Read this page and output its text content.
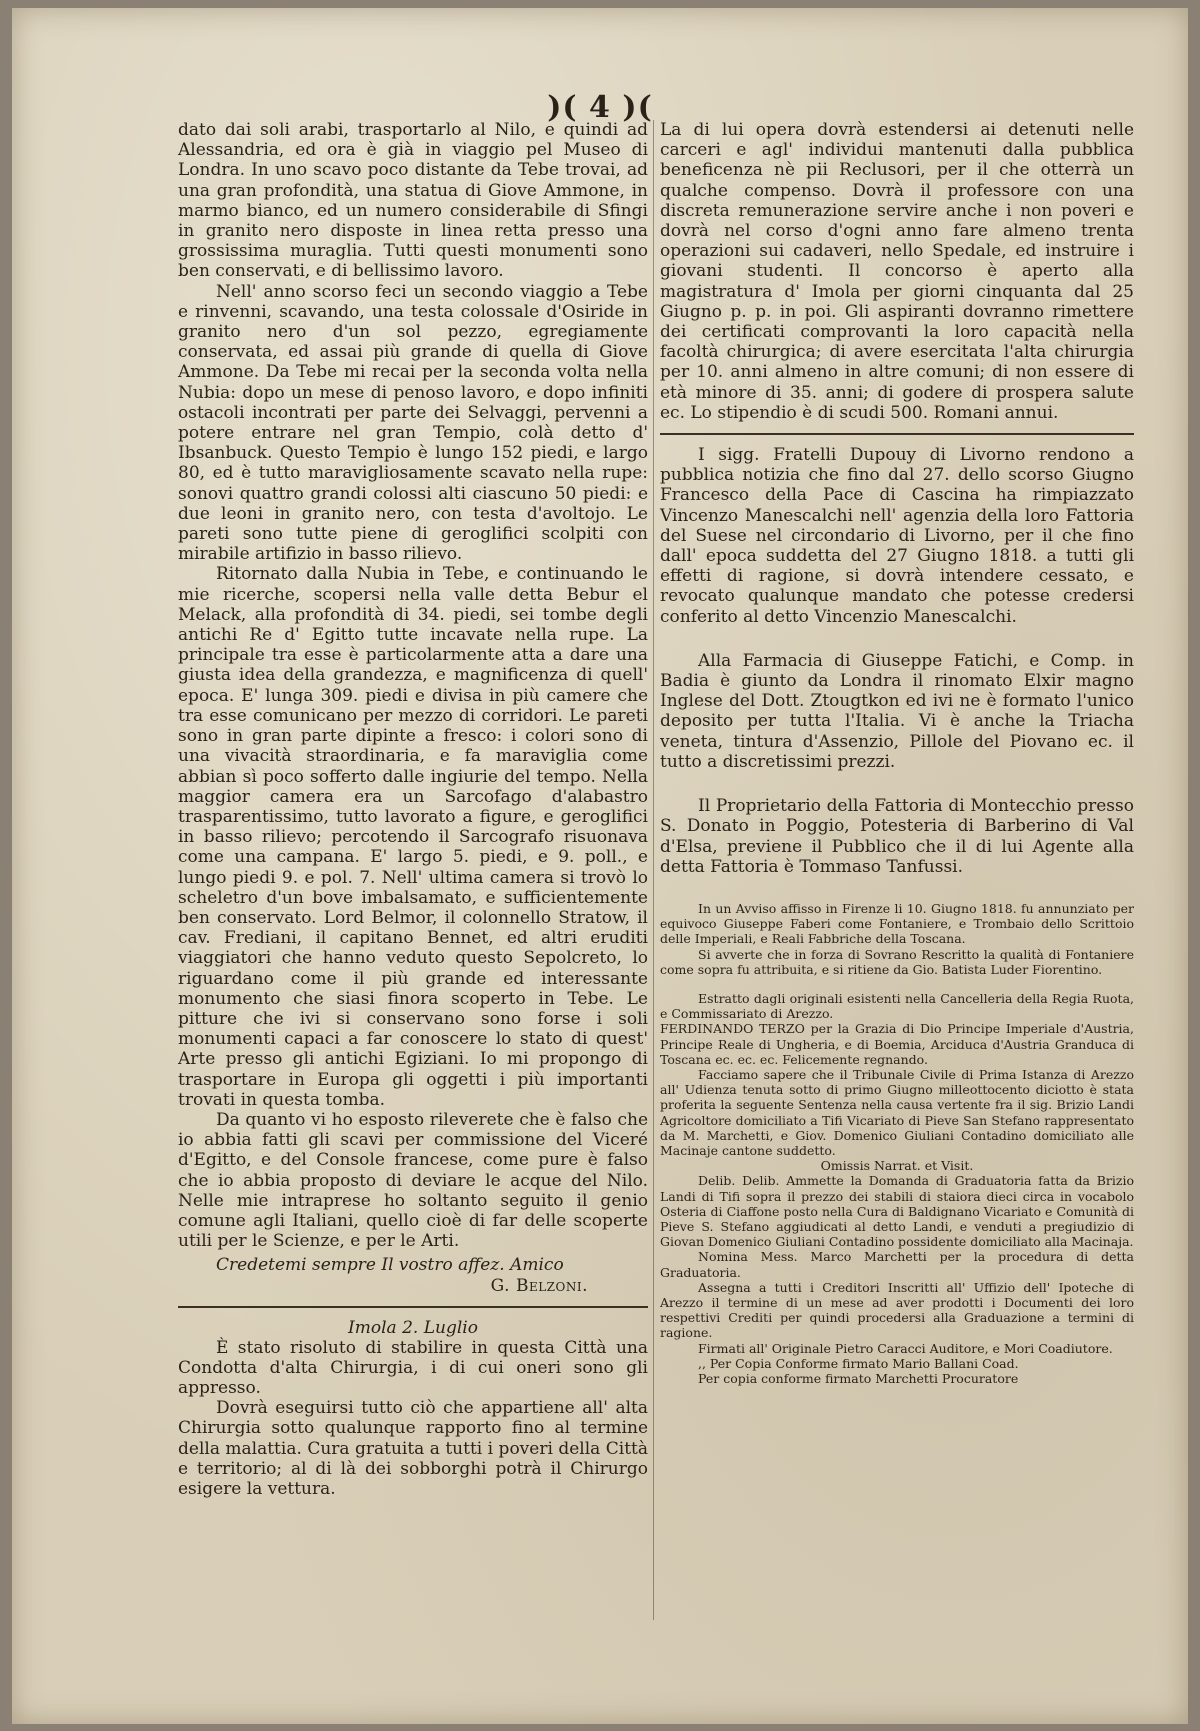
)( 4 )(

dato dai soli arabi, trasportarlo al Nilo, e quindi ad Alessandria, ed ora è già in viaggio pel Museo di Londra. In uno scavo poco distante da Tebe trovai, ad una gran profondità, una statua di Giove Ammone, in marmo bianco, ed un numero considerabile di Sfingi in granito nero disposte in linea retta presso una grossissima muraglia. Tutti questi monumenti sono ben conservati, e di bellissimo lavoro.

Nell' anno scorso feci un secondo viaggio a Tebe e rinvenni, scavando, una testa colossale d'Osiride in granito nero d'un sol pezzo, egregiamente conservata, ed assai più grande di quella di Giove Ammone. Da Tebe mi recai per la seconda volta nella Nubia: dopo un mese di penoso lavoro, e dopo infiniti ostacoli incontrati per parte dei Selvaggi, pervenni a potere entrare nel gran Tempio, colà detto d' Ibsanbuck. Questo Tempio è lungo 152 piedi, e largo 80, ed è tutto maravigliosamente scavato nella rupe: sonovi quattro grandi colossi alti ciascuno 50 piedi: e due leoni in granito nero, con testa d'avoltojo. Le pareti sono tutte piene di geroglifici scolpiti con mirabile artifizio in basso rilievo.

Ritornato dalla Nubia in Tebe, e continuando le mie ricerche, scopersi nella valle detta Bebur el Melack, alla profondità di 34. piedi, sei tombe degli antichi Re d' Egitto tutte incavate nella rupe. La principale tra esse è particolarmente atta a dare una giusta idea della grandezza, e magnificenza di quell' epoca. E' lunga 309. piedi e divisa in più camere che tra esse comunicano per mezzo di corridori. Le pareti sono in gran parte dipinte a fresco: i colori sono di una vivacità straordinaria, e fa maraviglia come abbian sì poco sofferto dalle ingiurie del tempo. Nella maggior camera era un Sarcofago d'alabastro trasparentissimo, tutto lavorato a figure, e geroglifici in basso rilievo; percotendo il Sarcografo risuonava come una campana. E' largo 5. piedi, e 9. poll., e lungo piedi 9. e pol. 7. Nell' ultima camera si trovò lo scheletro d'un bove imbalsamato, e sufficientemente ben conservato. Lord Belmor, il colonnello Stratow, il cav. Frediani, il capitano Bennet, ed altri eruditi viaggiatori che hanno veduto questo Sepolcreto, lo riguardano come il più grande ed interessante monumento che siasi finora scoperto in Tebe. Le pitture che ivi si conservano sono forse i soli monumenti capaci a far conoscere lo stato di quest' Arte presso gli antichi Egiziani. Io mi propongo di trasportare in Europa gli oggetti i più importanti trovati in questa tomba.

Da quanto vi ho esposto rileverete che è falso che io abbia fatti gli scavi per commissione del Viceré d'Egitto, e del Console francese, come pure è falso che io abbia proposto di deviare le acque del Nilo. Nelle mie intraprese ho soltanto seguito il genio comune agli Italiani, quello cioè di far delle scoperte utili per le Scienze, e per le Arti.

Credetemi sempre Il vostro affez. Amico

G. Belzoni.

Imola 2. Luglio

È stato risoluto di stabilire in questa Città una Condotta d'alta Chirurgia, i di cui oneri sono gli appresso.

Dovrà eseguirsi tutto ciò che appartiene all' alta Chirurgia sotto qualunque rapporto fino al termine della malattia. Cura gratuita a tutti i poveri della Città e territorio; al di là dei sobborghi potrà il Chirurgo esigere la vettura.

La di lui opera dovrà estendersi ai detenuti nelle carceri e agl' individui mantenuti dalla pubblica beneficenza nè pii Reclusori, per il che otterrà un qualche compenso. Dovrà il professore con una discreta remunerazione servire anche i non poveri e dovrà nel corso d'ogni anno fare almeno trenta operazioni sui cadaveri, nello Spedale, ed instruire i giovani studenti. Il concorso è aperto alla magistratura d' Imola per giorni cinquanta dal 25 Giugno p. p. in poi. Gli aspiranti dovranno rimettere dei certificati comprovanti la loro capacità nella facoltà chirurgica; di avere esercitata l'alta chirurgia per 10. anni almeno in altre comuni; di non essere di età minore di 35. anni; di godere di prospera salute ec. Lo stipendio è di scudi 500. Romani annui.

I sigg. Fratelli Dupouy di Livorno rendono a pubblica notizia che fino dal 27. dello scorso Giugno Francesco della Pace di Cascina ha rimpiazzato Vincenzo Manescalchi nell' agenzia della loro Fattoria del Suese nel circondario di Livorno, per il che fino dall' epoca suddetta del 27 Giugno 1818. a tutti gli effetti di ragione, si dovrà intendere cessato, e revocato qualunque mandato che potesse credersi conferito al detto Vincenzio Manescalchi.

Alla Farmacia di Giuseppe Fatichi, e Comp. in Badia è giunto da Londra il rinomato Elxir magno Inglese del Dott. Ztougtkon ed ivi ne è formato l'unico deposito per tutta l'Italia. Vi è anche la Triacha veneta, tintura d'Assenzio, Pillole del Piovano ec. il tutto a discretissimi prezzi.

Il Proprietario della Fattoria di Montecchio presso S. Donato in Poggio, Potesteria di Barberino di Val d'Elsa, previene il Pubblico che il di lui Agente alla detta Fattoria è Tommaso Tanfussi.

In un Avviso affisso in Firenze li 10. Giugno 1818. fu annunziato per equivoco Giuseppe Faberi come Fontaniere, e Trombaio dello Scrittoio delle Imperiali, e Reali Fabbriche della Toscana.

Si avverte che in forza di Sovrano Rescritto la qualità di Fontaniere come sopra fu attribuita, e si ritiene da Gio. Batista Luder Fiorentino.

Estratto dagli originali esistenti nella Cancelleria della Regia Ruota, e Commissariato di Arezzo.

FERDINANDO TERZO per la Grazia di Dio Principe Imperiale d'Austria, Principe Reale di Ungheria, e di Boemia, Arciduca d'Austria Granduca di Toscana ec. ec. ec. Felicemente regnando.

Facciamo sapere che il Tribunale Civile di Prima Istanza di Arezzo all' Udienza tenuta sotto di primo Giugno milleottocento diciotto è stata proferita la seguente Sentenza nella causa vertente fra il sig. Brizio Landi Agricoltore domiciliato a Tifi Vicariato di Pieve San Stefano rappresentato da M. Marchetti, e Giov. Domenico Giuliani Contadino domiciliato alle Macinaje cantone suddetto.

Omissis Narrat. et Visit.

Delib. Delib. Ammette la Domanda di Graduatoria fatta da Brizio Landi di Tifi sopra il prezzo dei stabili di staiora dieci circa in vocabolo Osteria di Ciaffone posto nella Cura di Baldignano Vicariato e Comunità di Pieve S. Stefano aggiudicati al detto Landi, e venduti a pregiudizio di Giovan Domenico Giuliani Contadino possidente domiciliato alla Macinaja.

Nomina Mess. Marco Marchetti per la procedura di detta Graduatoria.

Assegna a tutti i Creditori Inscritti all' Uffizio dell' Ipoteche di Arezzo il termine di un mese ad aver prodotti i Documenti dei loro respettivi Crediti per quindi procedersi alla Graduazione a termini di ragione.

Firmati all' Originale Pietro Caracci Auditore, e Mori Coadiutore.

,, Per Copia Conforme firmato Mario Ballani Coad.

Per copia conforme firmato Marchetti Procuratore
